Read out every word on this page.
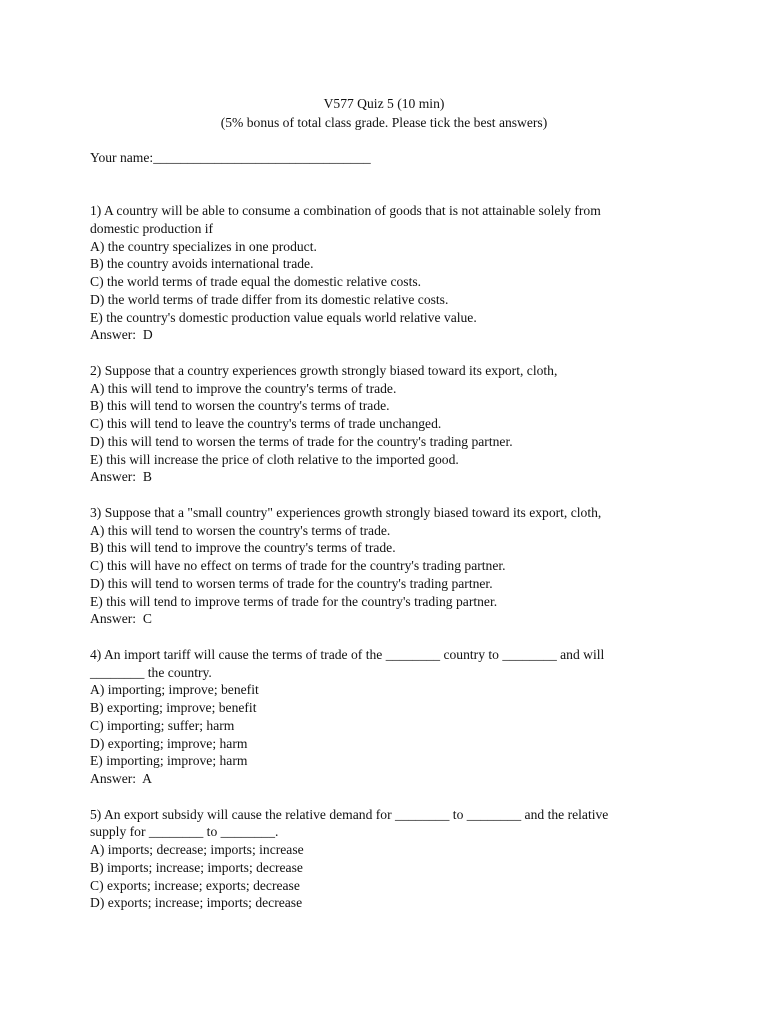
V577 Quiz 5 (10 min)
(5% bonus of total class grade. Please tick the best answers)
Your name:________________________________
1) A country will be able to consume a combination of goods that is not attainable solely from
domestic production if
A) the country specializes in one product.
B) the country avoids international trade.
C) the world terms of trade equal the domestic relative costs.
D) the world terms of trade differ from its domestic relative costs.
E) the country's domestic production value equals world relative value.
Answer:  D
2) Suppose that a country experiences growth strongly biased toward its export, cloth,
A) this will tend to improve the country's terms of trade.
B) this will tend to worsen the country's terms of trade.
C) this will tend to leave the country's terms of trade unchanged.
D) this will tend to worsen the terms of trade for the country's trading partner.
E) this will increase the price of cloth relative to the imported good.
Answer:  B
3) Suppose that a "small country" experiences growth strongly biased toward its export, cloth,
A) this will tend to worsen the country's terms of trade.
B) this will tend to improve the country's terms of trade.
C) this will have no effect on terms of trade for the country's trading partner.
D) this will tend to worsen terms of trade for the country's trading partner.
E) this will tend to improve terms of trade for the country's trading partner.
Answer:  C
4) An import tariff will cause the terms of trade of the ________ country to ________ and will
________ the country.
A) importing; improve; benefit
B) exporting; improve; benefit
C) importing; suffer; harm
D) exporting; improve; harm
E) importing; improve; harm
Answer:  A
5) An export subsidy will cause the relative demand for ________ to ________ and the relative
supply for ________ to ________.
A) imports; decrease; imports; increase
B) imports; increase; imports; decrease
C) exports; increase; exports; decrease
D) exports; increase; imports; decrease
